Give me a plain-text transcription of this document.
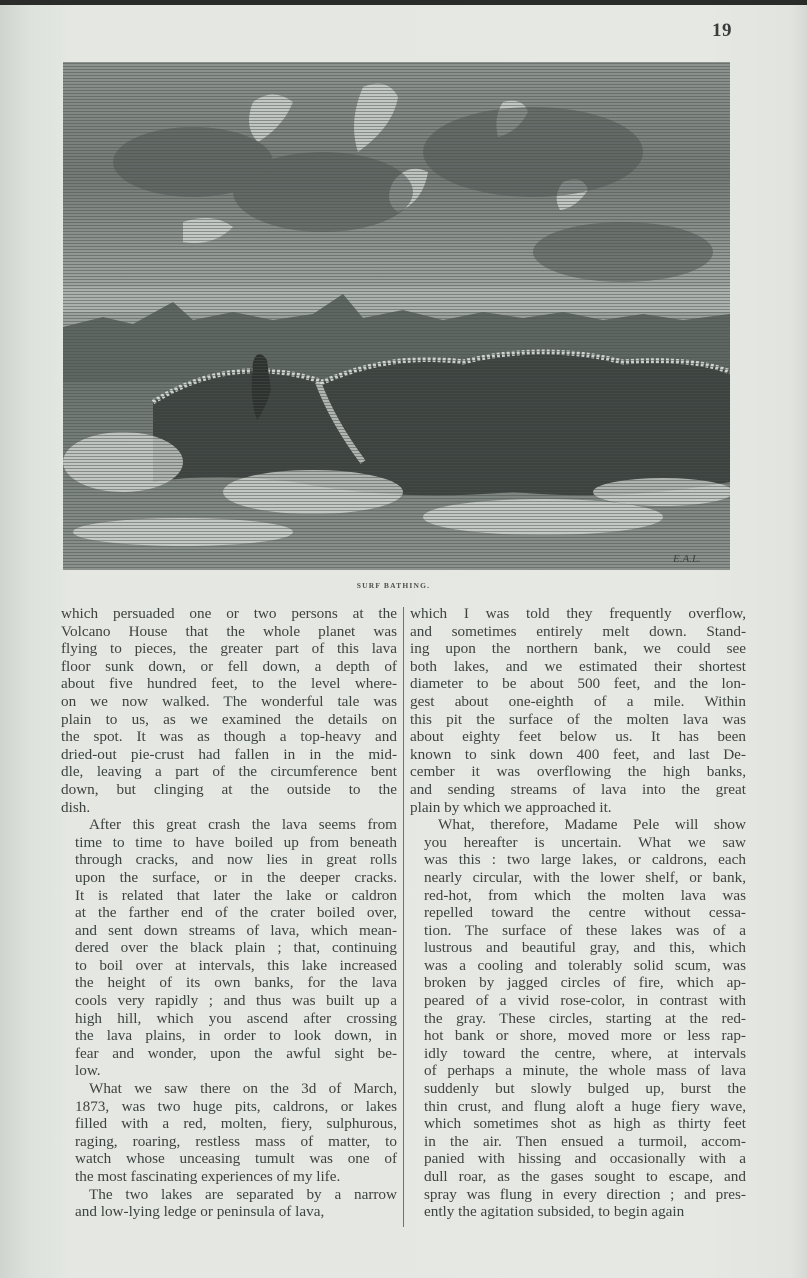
19
E.A.L.
SURF BATHING.

which persuaded one or two persons at the
Volcano House that the whole planet was
flying to pieces, the greater part of this lava
floor sunk down, or fell down, a depth of
about five hundred feet, to the level where-
on we now walked. The wonderful tale was
plain to us, as we examined the details on
the spot. It was as though a top-heavy and
dried-out pie-crust had fallen in in the mid-
dle, leaving a part of the circumference bent
down, but clinging at the outside to the
dish.

After this great crash the lava seems from
time to time to have boiled up from beneath
through cracks, and now lies in great rolls
upon the surface, or in the deeper cracks.
It is related that later the lake or caldron
at the farther end of the crater boiled over,
and sent down streams of lava, which mean-
dered over the black plain ; that, continuing
to boil over at intervals, this lake increased
the height of its own banks, for the lava
cools very rapidly ; and thus was built up a
high hill, which you ascend after crossing
the lava plains, in order to look down, in
fear and wonder, upon the awful sight be-
low.

What we saw there on the 3d of March,
1873, was two huge pits, caldrons, or lakes
filled with a red, molten, fiery, sulphurous,
raging, roaring, restless mass of matter, to
watch whose unceasing tumult was one of
the most fascinating experiences of my life.

The two lakes are separated by a narrow
and low-lying ledge or peninsula of lava,

which I was told they frequently overflow,
and sometimes entirely melt down. Stand-
ing upon the northern bank, we could see
both lakes, and we estimated their shortest
diameter to be about 500 feet, and the lon-
gest about one-eighth of a mile. Within
this pit the surface of the molten lava was
about eighty feet below us. It has been
known to sink down 400 feet, and last De-
cember it was overflowing the high banks,
and sending streams of lava into the great
plain by which we approached it.

What, therefore, Madame Pele will show
you hereafter is uncertain. What we saw
was this : two large lakes, or caldrons, each
nearly circular, with the lower shelf, or bank,
red-hot, from which the molten lava was
repelled toward the centre without cessa-
tion. The surface of these lakes was of a
lustrous and beautiful gray, and this, which
was a cooling and tolerably solid scum, was
broken by jagged circles of fire, which ap-
peared of a vivid rose-color, in contrast with
the gray. These circles, starting at the red-
hot bank or shore, moved more or less rap-
idly toward the centre, where, at intervals
of perhaps a minute, the whole mass of lava
suddenly but slowly bulged up, burst the
thin crust, and flung aloft a huge fiery wave,
which sometimes shot as high as thirty feet
in the air. Then ensued a turmoil, accom-
panied with hissing and occasionally with a
dull roar, as the gases sought to escape, and
spray was flung in every direction ; and pres-
ently the agitation subsided, to begin again
